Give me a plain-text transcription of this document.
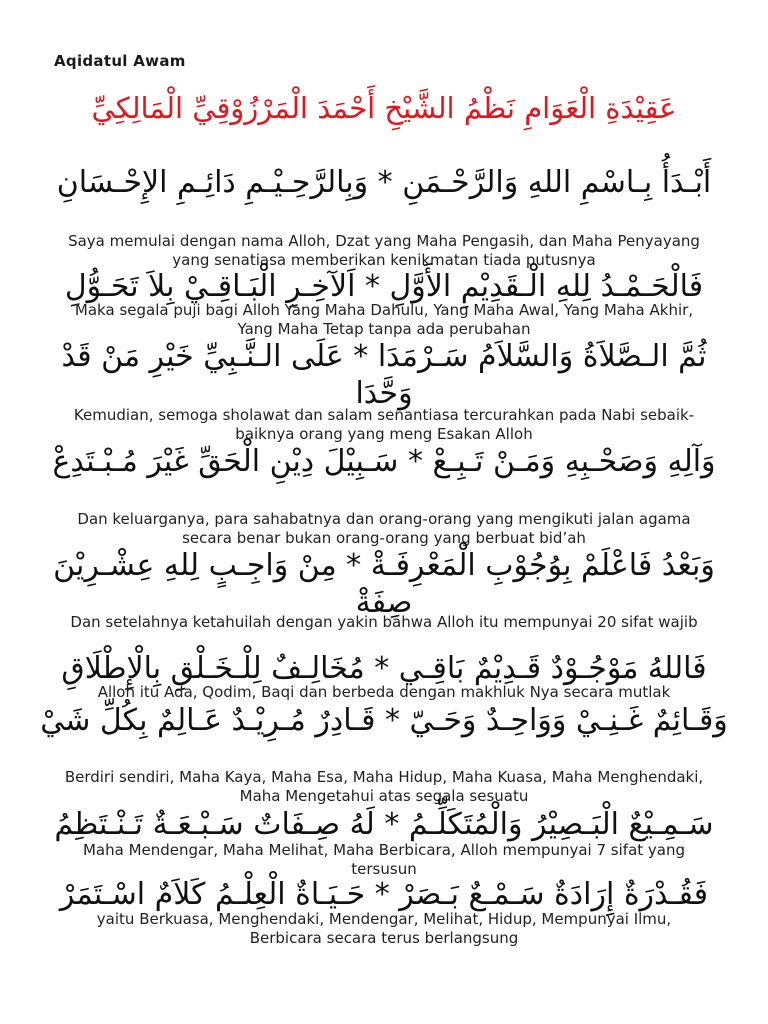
Aqidatul Awam
عَقِيْدَةِ الْعَوَامِ نَظْمُ الشَّيْخِ أَحْمَدَ الْمَرْزُوْقِيِّ الْمَالِكِيِّ
أَبْـدَأُ بِـاسْمِ اللهِ وَالرَّحْـمَنِ * وَبِالرَّحِـيْـمِ دَائِـمِ الإِحْـسَانِ
Saya memulai dengan nama Alloh, Dzat yang Maha Pengasih, dan Maha Penyayang yang senatiasa memberikan kenikmatan tiada putusnya
فَالْحَـمْـدُ لِلهِ الْـقَدِيْمِ الأَوَّلِ * اَلآخِـرِ الْبَـاقِـيْ بِلاَ تَحَـوُّلِ
Maka segala puji bagi Alloh Yang Maha Dahulu, Yang Maha Awal, Yang Maha Akhir, Yang Maha Tetap tanpa ada perubahan
ثُمَّ الـصَّلاَةُ وَالسَّلاَمُ سَـرْمَدَا * عَلَى الـنَّـبِيِّ خَيْرِ مَنْ قَدْ وَحَّدَا
Kemudian, semoga sholawat dan salam senantiasa tercurahkan pada Nabi sebaik-baiknya orang yang meng Esakan Alloh
وَآلِهِ وَصَحْـبِهِ وَمَـنْ تَـبِـعْ * سَـبِيْلَ دِيْنِ الْحَقِّ غَيْرَ مُـبْـتَدِعْ
Dan keluarganya, para sahabatnya dan orang-orang yang mengikuti jalan agama secara benar bukan orang-orang yang berbuat bid’ah
وَبَعْدُ فَاعْلَمْ بِوُجُوْبِ الْمَعْرِفَـةْ * مِنْ وَاجِـبٍ لِلهِ عِشْـرِيْنَ صِفَةْ
Dan setelahnya ketahuilah dengan yakin bahwa Alloh itu mempunyai 20 sifat wajib
فَاللهُ مَوْجُـوْدٌ قَـدِيْمٌ بَاقِـي * مُخَالِـفٌ لِلْـخَـلْقِ بِالْإِطْلَاقِ
Alloh itu Ada, Qodim, Baqi dan berbeda dengan makhluk Nya secara mutlak
وَقَـائِمٌ غَـنِـيْ وَوَاحِـدٌ وَحَـيّ * قَـادِرٌ مُـرِيْـدٌ عَـالِمٌ بِكُلِّ شَيْ
Berdiri sendiri, Maha Kaya, Maha Esa, Maha Hidup, Maha Kuasa, Maha Menghendaki, Maha Mengetahui atas segala sesuatu
سَـمِـيْعٌ الْبَـصِيْرُ وَالْمُتَكَلِّـمُ * لَهُ صِـفَاتٌ سَـبْـعَـةٌ تَـنْـتَظِمُ
Maha Mendengar, Maha Melihat, Maha Berbicara, Alloh mempunyai 7 sifat yang tersusun
فَقُـدْرَةٌ إِرَادَةٌ سَـمْـعٌ بَـصَرْ * حَـيَـاةٌ الْعِلْـمُ كَلاَمٌ اسْـتَمَرْ
yaitu Berkuasa, Menghendaki, Mendengar, Melihat, Hidup, Mempunyai Ilmu, Berbicara secara terus berlangsung
